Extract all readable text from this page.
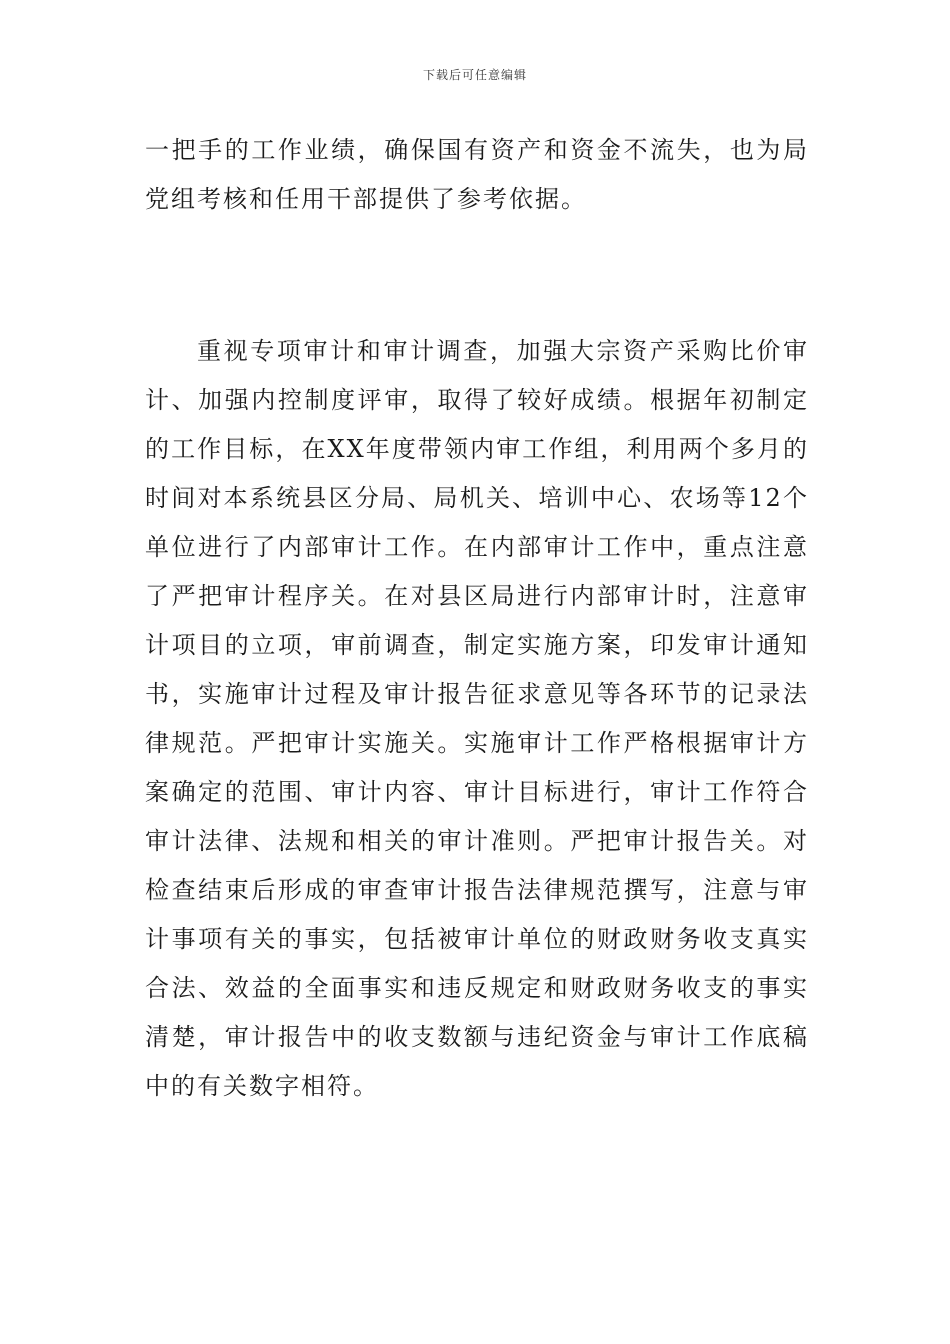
下载后可任意编辑

一把手的工作业绩，确保国有资产和资金不流失，也为局党组考核和任用干部提供了参考依据。

重视专项审计和审计调查，加强大宗资产采购比价审计、加强内控制度评审，取得了较好成绩。根据年初制定的工作目标，在XX年度带领内审工作组，利用两个多月的时间对本系统县区分局、局机关、培训中心、农场等12个单位进行了内部审计工作。在内部审计工作中，重点注意了严把审计程序关。在对县区局进行内部审计时，注意审计项目的立项，审前调查，制定实施方案，印发审计通知书，实施审计过程及审计报告征求意见等各环节的记录法律规范。严把审计实施关。实施审计工作严格根据审计方案确定的范围、审计内容、审计目标进行，审计工作符合审计法律、法规和相关的审计准则。严把审计报告关。对检查结束后形成的审查审计报告法律规范撰写，注意与审计事项有关的事实，包括被审计单位的财政财务收支真实合法、效益的全面事实和违反规定和财政财务收支的事实清楚，审计报告中的收支数额与违纪资金与审计工作底稿中的有关数字相符。
